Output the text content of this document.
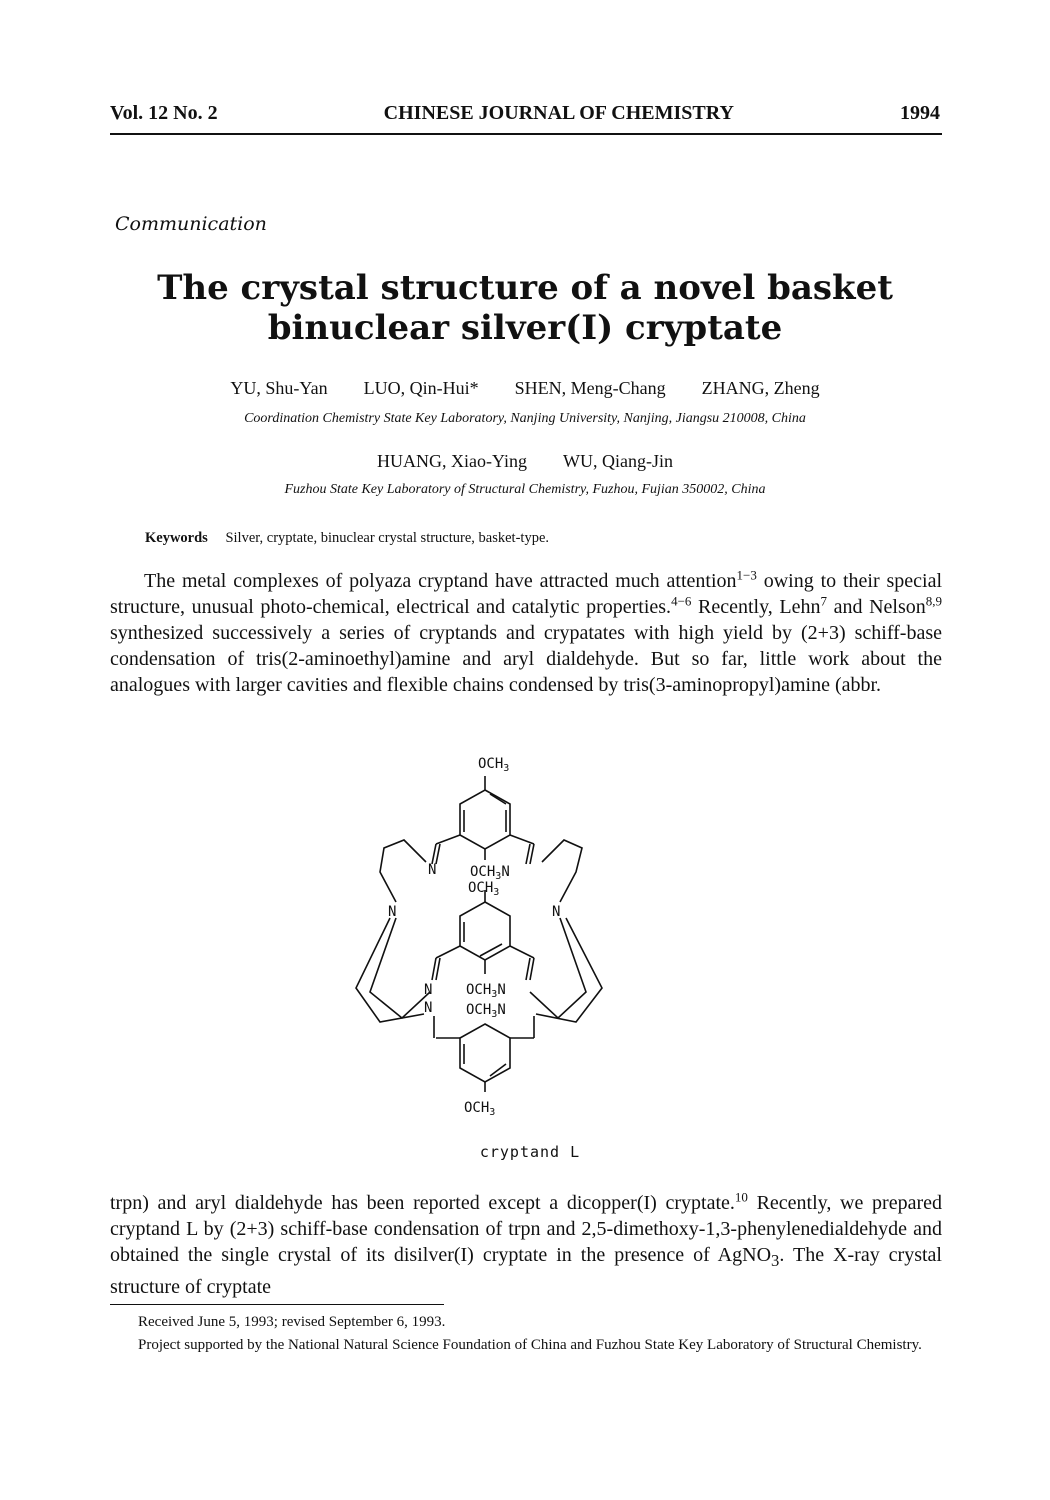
Vol. 12 No. 2	CHINESE JOURNAL OF CHEMISTRY	1994
Communication
The crystal structure of a novel basket
binuclear silver(I) cryptate
YU, Shu-Yan LUO, Qin-Hui* SHEN, Meng-Chang ZHANG, Zheng
Coordination Chemistry State Key Laboratory, Nanjing University, Nanjing, Jiangsu 210008, China
HUANG, Xiao-Ying WU, Qiang-Jin
Fuzhou State Key Laboratory of Structural Chemistry, Fuzhou, Fujian 350002, China
Keywords Silver, cryptate, binuclear crystal structure, basket-type.

The metal complexes of polyaza cryptand have attracted much attention$^{1-3}$ owing to their special structure, unusual photo-chemical, electrical and catalytic properties.$^{4-6}$ Recently, Lehn$^7$ and Nelson$^{8,9}$ synthesized successively a series of cryptands and crypatates with high yield by (2+3) schiff-base condensation of tris(2-aminoethyl)amine and aryl dialdehyde. But so far, little work about the analogues with larger cavities and flexible chains condensed by tris(3-aminopropyl)amine (abbr.

$OCH_3$
N $OCH_3N$
$OCH_3$
N	N
N $OCH_3N$
N $OCH_3N$
$OCH_3$
cryptand L

trpn) and aryl dialdehyde has been reported except a dicopper(I) cryptate.$^{10}$ Recently, we prepared cryptand L by (2+3) schiff-base condensation of trpn and 2,5-dimethoxy-1,3-phenylenedialdehyde and obtained the single crystal of its disilver(I) cryptate in the presence of AgNO$_3$. The X-ray crystal structure of cryptate

Received June 5, 1993; revised September 6, 1993.

Project supported by the National Natural Science Foundation of China and Fuzhou State Key Laboratory of Structural Chemistry.
